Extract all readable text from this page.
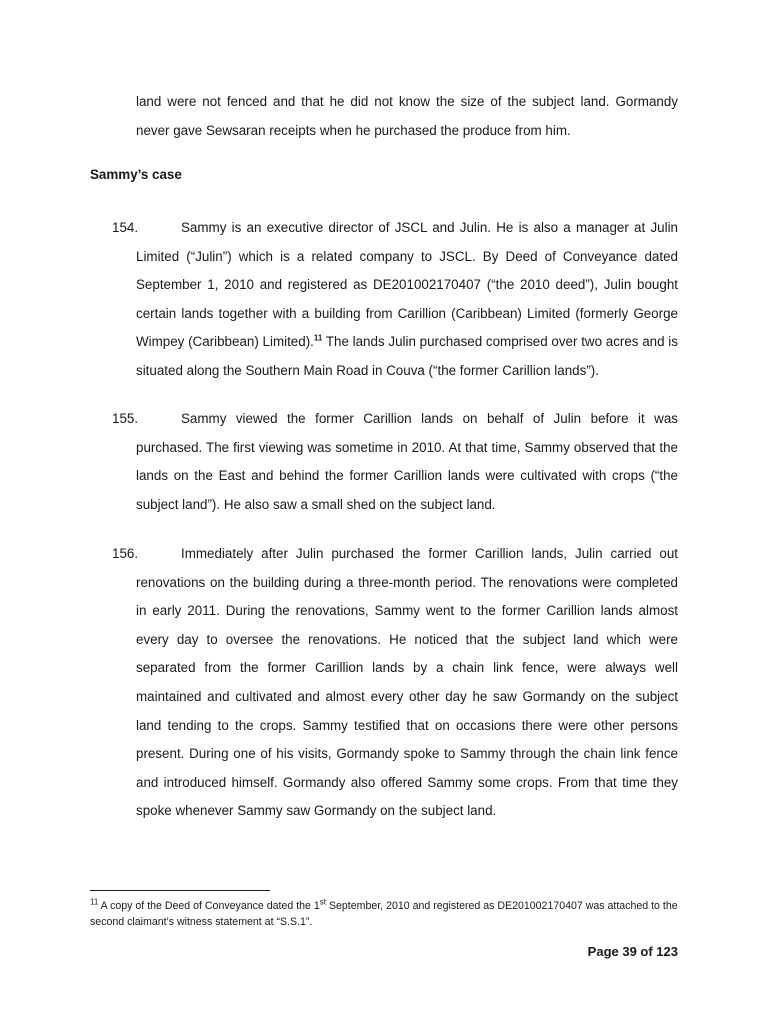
land were not fenced and that he did not know the size of the subject land. Gormandy never gave Sewsaran receipts when he purchased the produce from him.
Sammy’s case
154.	Sammy is an executive director of JSCL and Julin. He is also a manager at Julin Limited (“Julin”) which is a related company to JSCL. By Deed of Conveyance dated September 1, 2010 and registered as DE201002170407 (“the 2010 deed”), Julin bought certain lands together with a building from Carillion (Caribbean) Limited (formerly George Wimpey (Caribbean) Limited).$^{11}$ The lands Julin purchased comprised over two acres and is situated along the Southern Main Road in Couva (“the former Carillion lands”).
155.	Sammy viewed the former Carillion lands on behalf of Julin before it was purchased. The first viewing was sometime in 2010. At that time, Sammy observed that the lands on the East and behind the former Carillion lands were cultivated with crops (“the subject land”). He also saw a small shed on the subject land.
156.	Immediately after Julin purchased the former Carillion lands, Julin carried out renovations on the building during a three-month period. The renovations were completed in early 2011. During the renovations, Sammy went to the former Carillion lands almost every day to oversee the renovations. He noticed that the subject land which were separated from the former Carillion lands by a chain link fence, were always well maintained and cultivated and almost every other day he saw Gormandy on the subject land tending to the crops. Sammy testified that on occasions there were other persons present. During one of his visits, Gormandy spoke to Sammy through the chain link fence and introduced himself. Gormandy also offered Sammy some crops. From that time they spoke whenever Sammy saw Gormandy on the subject land.
$^{11}$ A copy of the Deed of Conveyance dated the 1st September, 2010 and registered as DE201002170407 was attached to the second claimant’s witness statement at “S.S.1”.
Page 39 of 123
